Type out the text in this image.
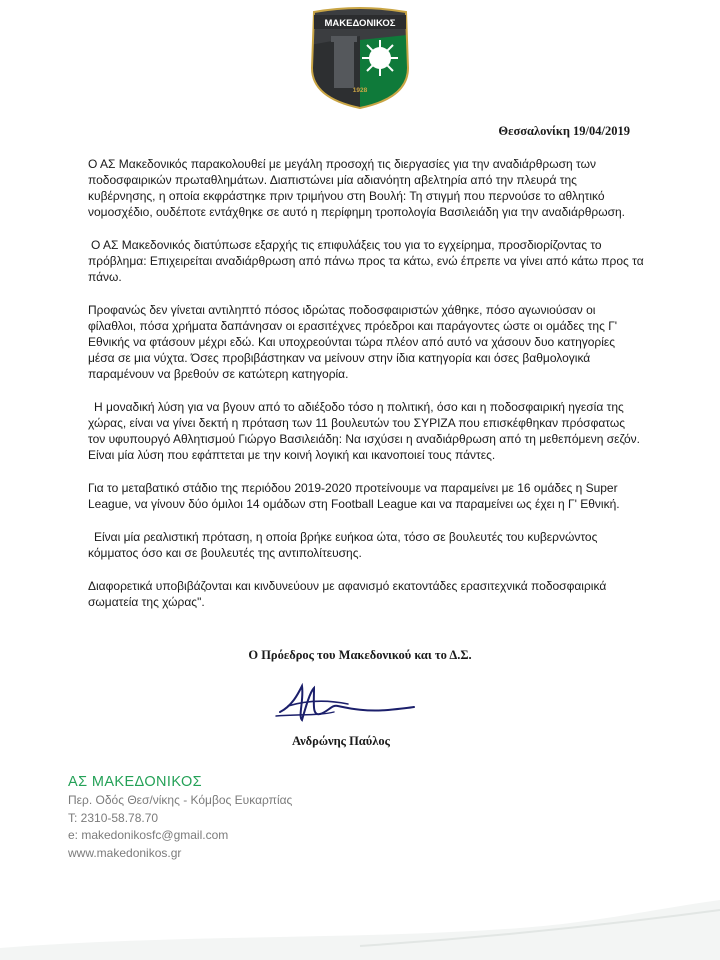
ΜΑΚΕΔΟΝΙΚΟΣ
1928
Θεσσαλονίκη 19/04/2019

Ο ΑΣ Μακεδονικός παρακολουθεί με μεγάλη προσοχή τις διεργασίες για την αναδιάρθρωση των ποδοσφαιρικών πρωταθλημάτων. Διαπιστώνει μία αδιανόητη αβελτηρία από την πλευρά της κυβέρνησης, η οποία εκφράστηκε πριν τριμήνου στη Βουλή: Τη στιγμή που περνούσε το αθλητικό νομοσχέδιο, ουδέποτε εντάχθηκε σε αυτό η περίφημη τροπολογία Βασιλειάδη για την αναδιάρθρωση.

Ο ΑΣ Μακεδονικός διατύπωσε εξαρχής τις επιφυλάξεις του για το εγχείρημα, προσδιορίζοντας το πρόβλημα: Επιχειρείται αναδιάρθρωση από πάνω προς τα κάτω, ενώ έπρεπε να γίνει από κάτω προς τα πάνω.

Προφανώς δεν γίνεται αντιληπτό πόσος ιδρώτας ποδοσφαιριστών χάθηκε, πόσο αγωνιούσαν οι φίλαθλοι, πόσα χρήματα δαπάνησαν οι ερασιτέχνες πρόεδροι και παράγοντες ώστε οι ομάδες της Γ' Εθνικής να φτάσουν μέχρι εδώ. Και υποχρεούνται τώρα πλέον από αυτό να χάσουν δυο κατηγορίες μέσα σε μια νύχτα. Όσες προβιβάστηκαν να μείνουν στην ίδια κατηγορία και όσες βαθμολογικά παραμένουν να βρεθούν σε κατώτερη κατηγορία.

Η μοναδική λύση για να βγουν από το αδιέξοδο τόσο η πολιτική, όσο και η ποδοσφαιρική ηγεσία της χώρας, είναι να γίνει δεκτή η πρόταση των 11 βουλευτών του ΣΥΡΙΖΑ που επισκέφθηκαν πρόσφατως τον υφυπουργό Αθλητισμού Γιώργο Βασιλειάδη: Να ισχύσει η αναδιάρθρωση από τη μεθεπόμενη σεζόν. Είναι μία λύση που εφάπτεται με την κοινή λογική και ικανοποιεί τους πάντες.

Για το μεταβατικό στάδιο της περιόδου 2019-2020 προτείνουμε να παραμείνει με 16 ομάδες η Super League, να γίνουν δύο όμιλοι 14 ομάδων στη Football League και να παραμείνει ως έχει η Γ' Εθνική.

Είναι μία ρεαλιστική πρόταση, η οποία βρήκε ευήκοα ώτα, τόσο σε βουλευτές του κυβερνώντος κόμματος όσο και σε βουλευτές της αντιπολίτευσης.

Διαφορετικά υποβιβάζονται και κινδυνεύουν με αφανισμό εκατοντάδες ερασιτεχνικά ποδοσφαιρικά σωματεία της χώρας".

Ο Πρόεδρος του Μακεδονικού και το Δ.Σ.
Ανδρώνης Παύλος
ΑΣ ΜΑΚΕΔΟΝΙΚΟΣ
Περ. Οδός Θεσ/νίκης - Κόμβος Ευκαρπίας
T: 2310-58.78.70
e: makedonikosfc@gmail.com
www.makedonikos.gr
